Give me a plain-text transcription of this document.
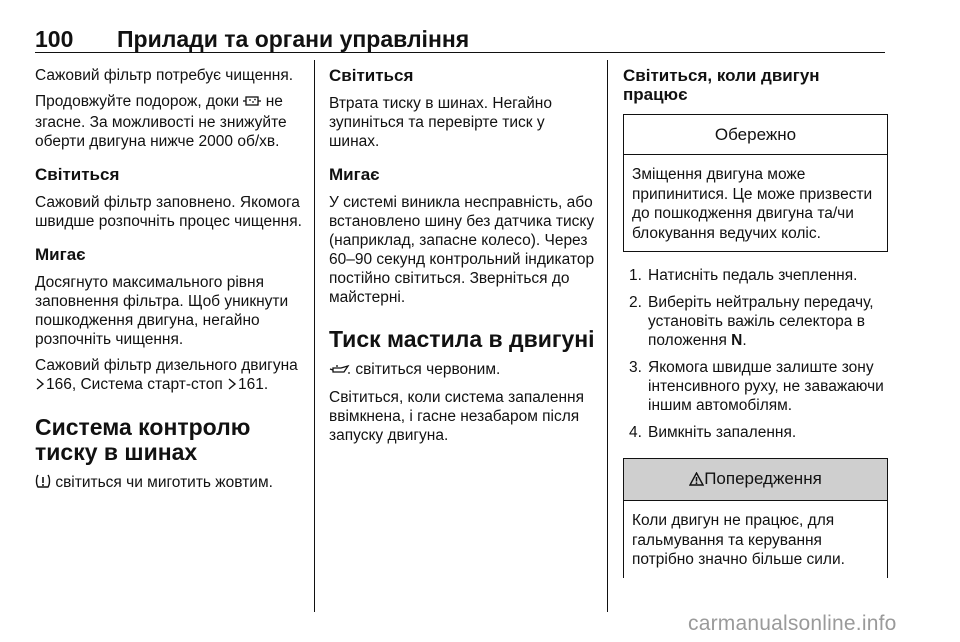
100 Прилади та органи управління

Сажовий фільтр потребує чищення.

Продовжуйте подорож, доки не згасне. За можливості не знижуйте оберти двигуна нижче 2000 об/хв.

Світиться

Сажовий фільтр заповнено. Якомога швидше розпочніть процес чищення.

Мигає

Досягнуто максимального рівня заповнення фільтра. Щоб уникнути пошкодження двигуна, негайно розпочніть чищення.

Сажовий фільтр дизельного двигуна 166, Система старт-стоп 161.

Система контролю тиску в шинах

світиться чи миготить жовтим.

Світиться

Втрата тиску в шинах. Негайно зупиніться та перевірте тиск у шинах.

Мигає

У системі виникла несправність, або встановлено шину без датчика тиску (наприклад, запасне колесо). Через 60–90 секунд контрольний індикатор постійно світиться. Зверніться до майстерні.

Тиск мастила в двигуні

світиться червоним.

Світиться, коли система запалення ввімкнена, і гасне незабаром після запуску двигуна.

Світиться, коли двигун працює
Обережно
Зміщення двигуна може припинитися. Це може призвести до пошкодження двигуна та/чи блокування ведучих коліс.
1. Натисніть педаль зчеплення.
2. Виберіть нейтральну передачу, установіть важіль селектора в положення N.
3. Якомога швидше залиште зону інтенсивного руху, не заважаючи іншим автомобілям.
4. Вимкніть запалення.
Попередження
Коли двигун не працює, для гальмування та керування потрібно значно більше сили.
carmanualsonline.info
